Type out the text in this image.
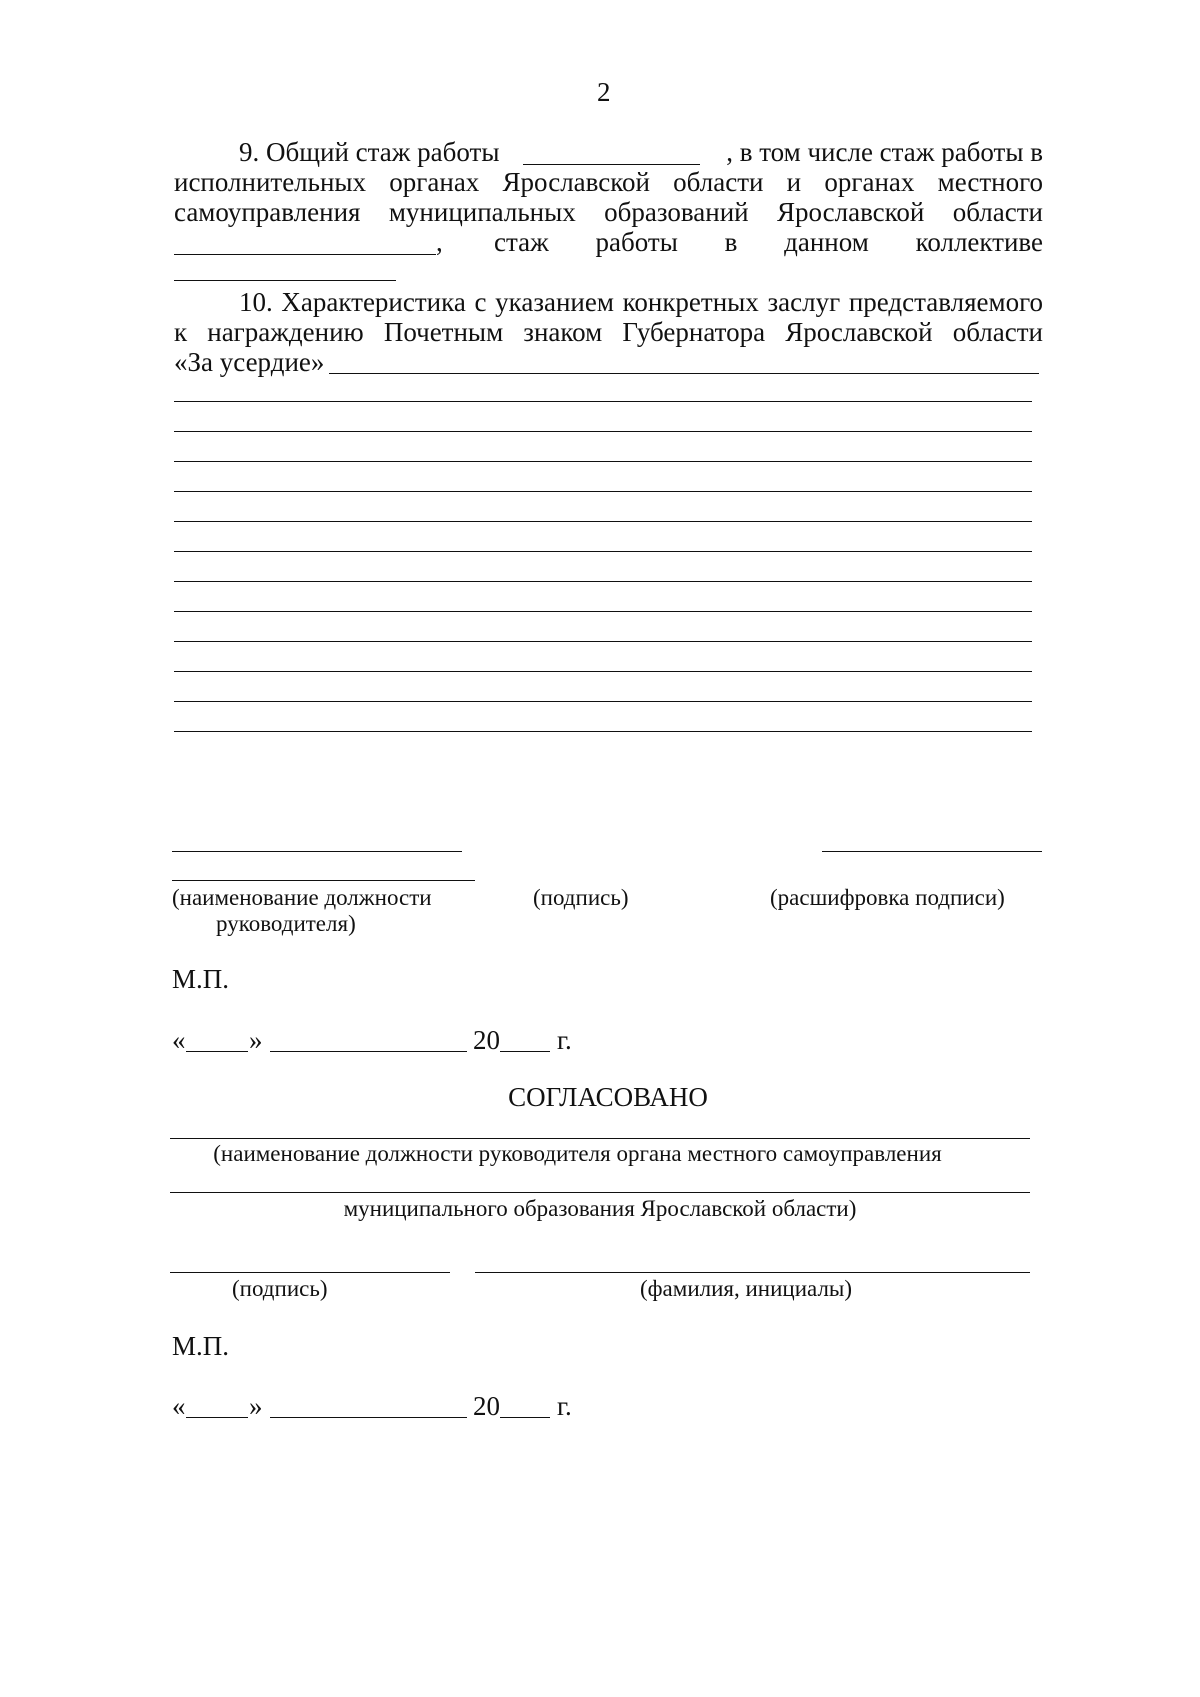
2
9. Общий стаж работы	, в том числе стаж работы в
исполнительных органах Ярославской области и органах местного
самоуправления муниципальных образований Ярославской области
, стаж работы в данном коллективе
10. Характеристика с указанием конкретных заслуг представляемого
к награждению Почетным знаком Губернатора Ярославской области
«За усердие»
(наименование должности
руководителя)
(подпись)	(расшифровка подписи)
М.П.
« »	20 г.
СОГЛАСОВАНО
(наименование должности руководителя органа местного самоуправления
муниципального образования Ярославской области)
(подпись)	(фамилия, инициалы)
М.П.
« »	20 г.
